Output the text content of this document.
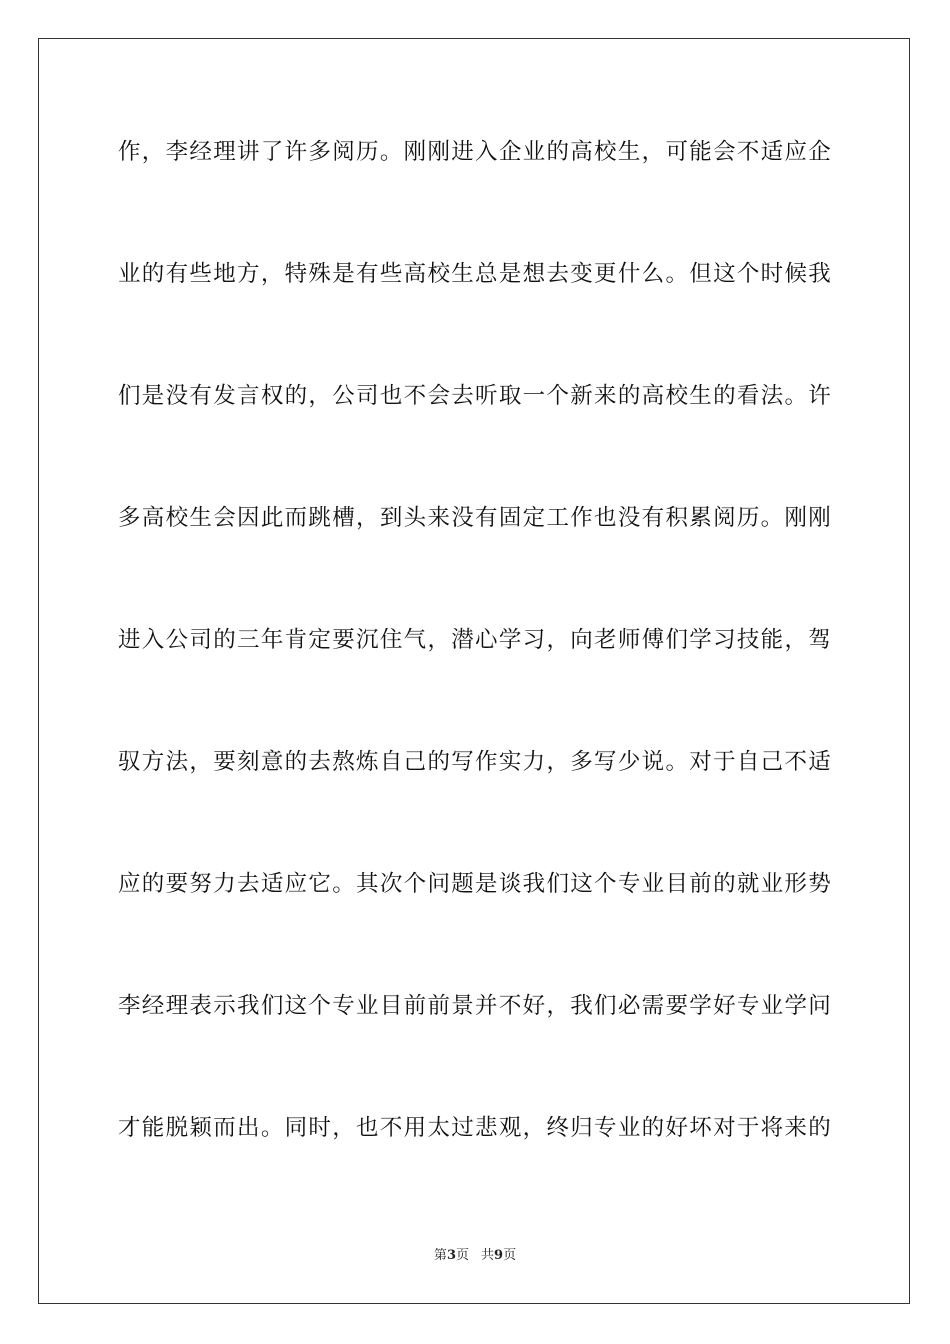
作，李经理讲了许多阅历。刚刚进入企业的高校生，可能会不适应企
业的有些地方，特殊是有些高校生总是想去变更什么。但这个时候我
们是没有发言权的，公司也不会去听取一个新来的高校生的看法。许
多高校生会因此而跳槽，到头来没有固定工作也没有积累阅历。刚刚
进入公司的三年肯定要沉住气，潜心学习，向老师傅们学习技能，驾
驭方法，要刻意的去熬炼自己的写作实力，多写少说。对于自己不适
应的要努力去适应它。其次个问题是谈我们这个专业目前的就业形势
李经理表示我们这个专业目前前景并不好，我们必需要学好专业学问
才能脱颖而出。同时，也不用太过悲观，终归专业的好坏对于将来的
第3页 共9页
